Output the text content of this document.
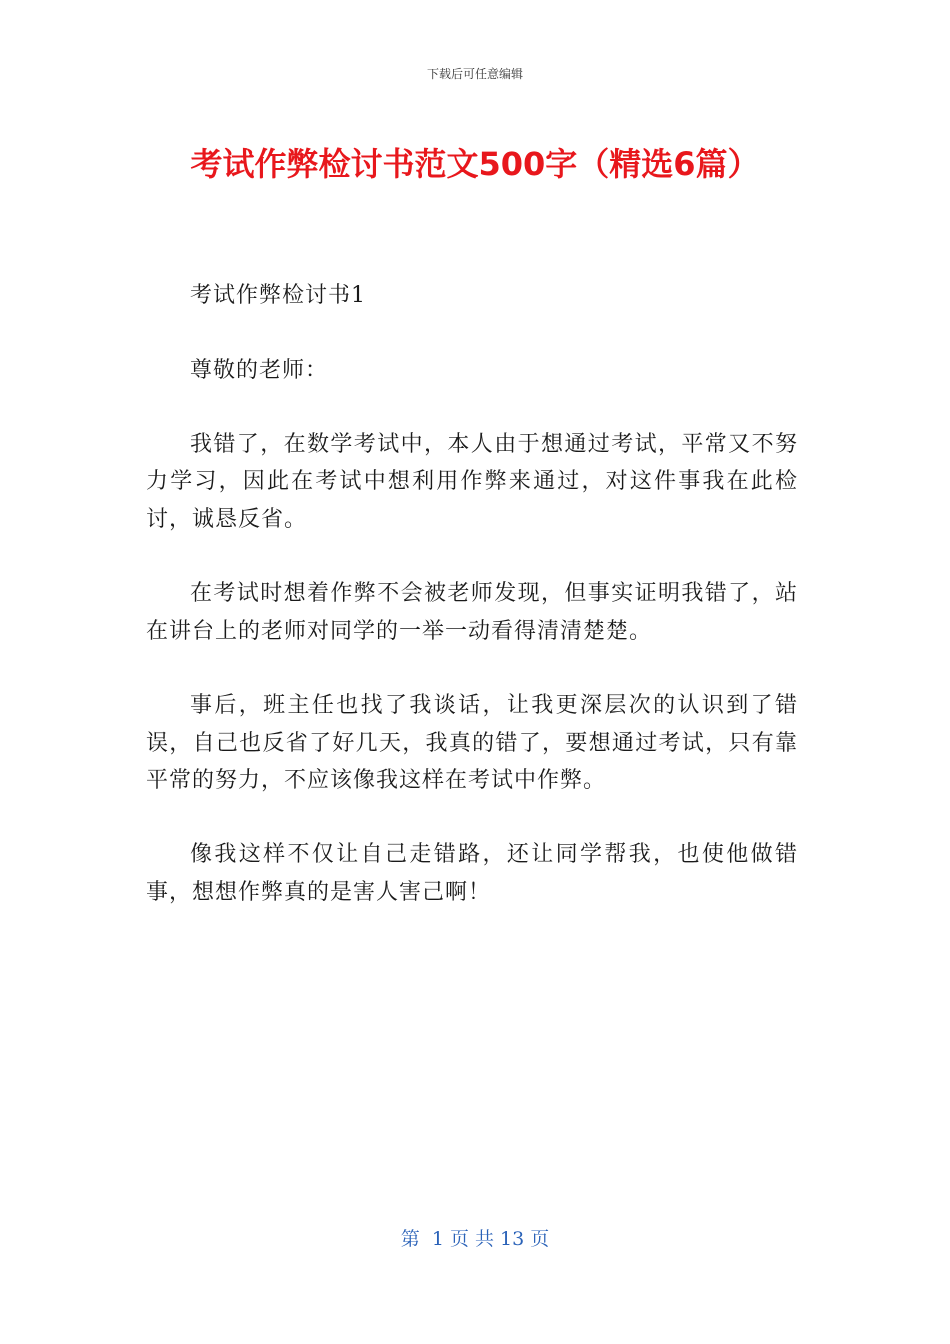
下载后可任意编辑
考试作弊检讨书范文500字（精选6篇）

考试作弊检讨书1

尊敬的老师：

我错了，在数学考试中，本人由于想通过考试，平常又不努力学习，因此在考试中想利用作弊来通过，对这件事我在此检讨，诚恳反省。

在考试时想着作弊不会被老师发现，但事实证明我错了，站在讲台上的老师对同学的一举一动看得清清楚楚。

事后，班主任也找了我谈话，让我更深层次的认识到了错误，自己也反省了好几天，我真的错了，要想通过考试，只有靠平常的努力，不应该像我这样在考试中作弊。

像我这样不仅让自己走错路，还让同学帮我，也使他做错事，想想作弊真的是害人害己啊！

第  1 页 共 13 页
